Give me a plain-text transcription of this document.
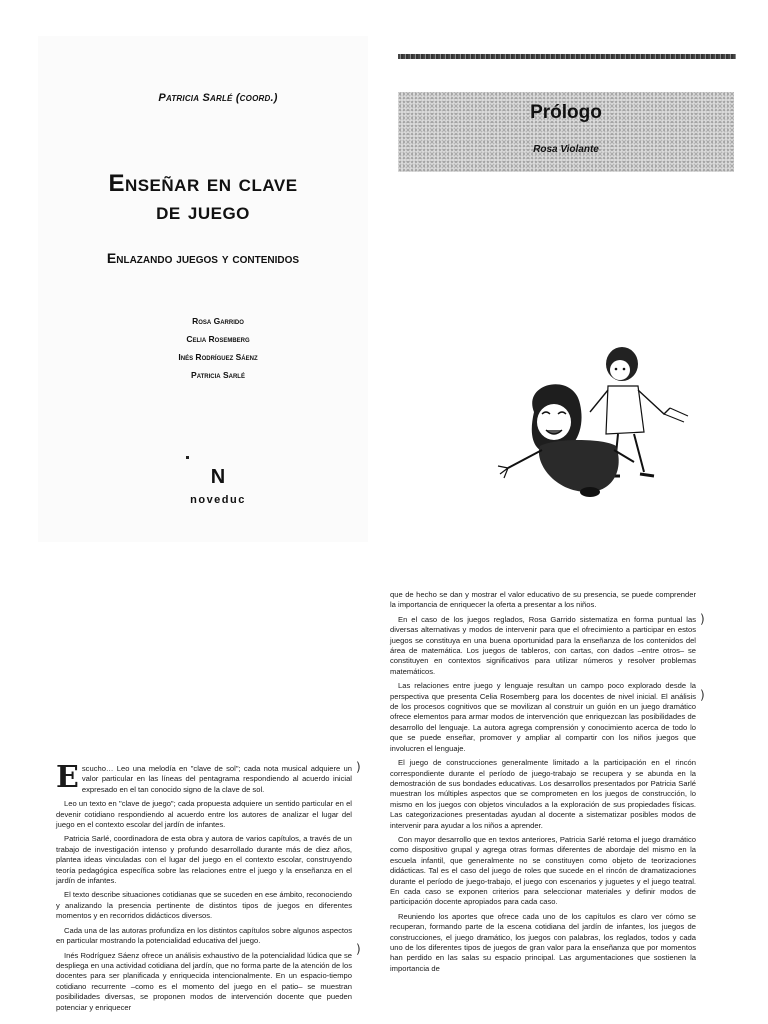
Patricia Sarlé (coord.)
Enseñar en clave
de juego
Enlazando juegos y contenidos
Rosa Garrido
Celia Rosemberg
Inés Rodríguez Sáenz
Patricia Sarlé
N
noveduc
Prólogo
Rosa Violante

Escucho… Leo una melodía en "clave de sol"; cada nota musical adquiere un valor particular en las líneas del pentagrama respondiendo al acuerdo inicial expresado en el tan conocido signo de la clave de sol.

Leo un texto en "clave de juego"; cada propuesta adquiere un sentido particular en el devenir cotidiano respondiendo al acuerdo entre los autores de analizar el lugar del juego en el contexto escolar del jardín de infantes.

Patricia Sarlé, coordinadora de esta obra y autora de varios capítulos, a través de un trabajo de investigación intenso y profundo desarrollado durante más de diez años, plantea ideas vinculadas con el lugar del juego en el contexto escolar, construyendo teoría pedagógica específica sobre las relaciones entre el juego y la enseñanza en el jardín de infantes.

El texto describe situaciones cotidianas que se suceden en ese ámbito, reconociendo y analizando la presencia pertinente de distintos tipos de juegos en diferentes momentos y en recorridos didácticos diversos.

Cada una de las autoras profundiza en los distintos capítulos sobre algunos aspectos en particular mostrando la potencialidad educativa del juego.

Inés Rodríguez Sáenz ofrece un análisis exhaustivo de la potencialidad lúdica que se despliega en una actividad cotidiana del jardín, que no forma parte de la atención de los docentes para ser planificada y enriquecida intencionalmente. En un espacio-tiempo cotidiano recurrente –como es el momento del juego en el patio– se muestran posibilidades diversas, se proponen modos de intervención docente que pueden potenciar y enriquecer

que de hecho se dan y mostrar el valor educativo de su presencia, se puede comprender la importancia de enriquecer la oferta a presentar a los niños.

En el caso de los juegos reglados, Rosa Garrido sistematiza en forma puntual las diversas alternativas y modos de intervenir para que el ofrecimiento a participar en estos juegos se constituya en una buena oportunidad para la enseñanza de los contenidos del área de matemática. Los juegos de tableros, con cartas, con dados –entre otros– se constituyen en contextos significativos para utilizar números y resolver problemas matemáticos.

Las relaciones entre juego y lenguaje resultan un campo poco explorado desde la perspectiva que presenta Celia Rosemberg para los docentes de nivel inicial. El análisis de los procesos cognitivos que se movilizan al construir un guión en un juego dramático ofrece elementos para armar modos de intervención que enriquezcan las posibilidades de desarrollo del lenguaje. La autora agrega comprensión y conocimiento acerca de todo lo que se puede enseñar, promover y ampliar al compartir con los niños juegos que involucren el lenguaje.

El juego de construcciones generalmente limitado a la participación en el rincón correspondiente durante el período de juego-trabajo se recupera y se abunda en la demostración de sus bondades educativas. Los desarrollos presentados por Patricia Sarlé muestran los múltiples aspectos que se comprometen en los juegos de construcción, lo mismo en los juegos con objetos vinculados a la exploración de sus propiedades físicas. Las categorizaciones presentadas ayudan al docente a sistematizar posibles modos de intervenir para ayudar a los niños a aprender.

Con mayor desarrollo que en textos anteriores, Patricia Sarlé retoma el juego dramático como dispositivo grupal y agrega otras formas diferentes de abordaje del mismo en la escuela infantil, que generalmente no se constituyen como objeto de teorizaciones didácticas. Tal es el caso del juego de roles que sucede en el rincón de dramatizaciones durante el período de juego-trabajo, el juego con escenarios y juguetes y el juego teatral. En cada caso se exponen criterios para seleccionar materiales y definir modos de participación docente apropiados para cada caso.

Reuniendo los aportes que ofrece cada uno de los capítulos es claro ver cómo se recuperan, formando parte de la escena cotidiana del jardín de infantes, los juegos de construcciones, el juego dramático, los juegos con palabras, los reglados, todos y cada uno de los diferentes tipos de juegos de gran valor para la enseñanza que por momentos han perdido en las salas su espacio principal. Las argumentaciones que sostienen la importancia de

)
)
)
)
